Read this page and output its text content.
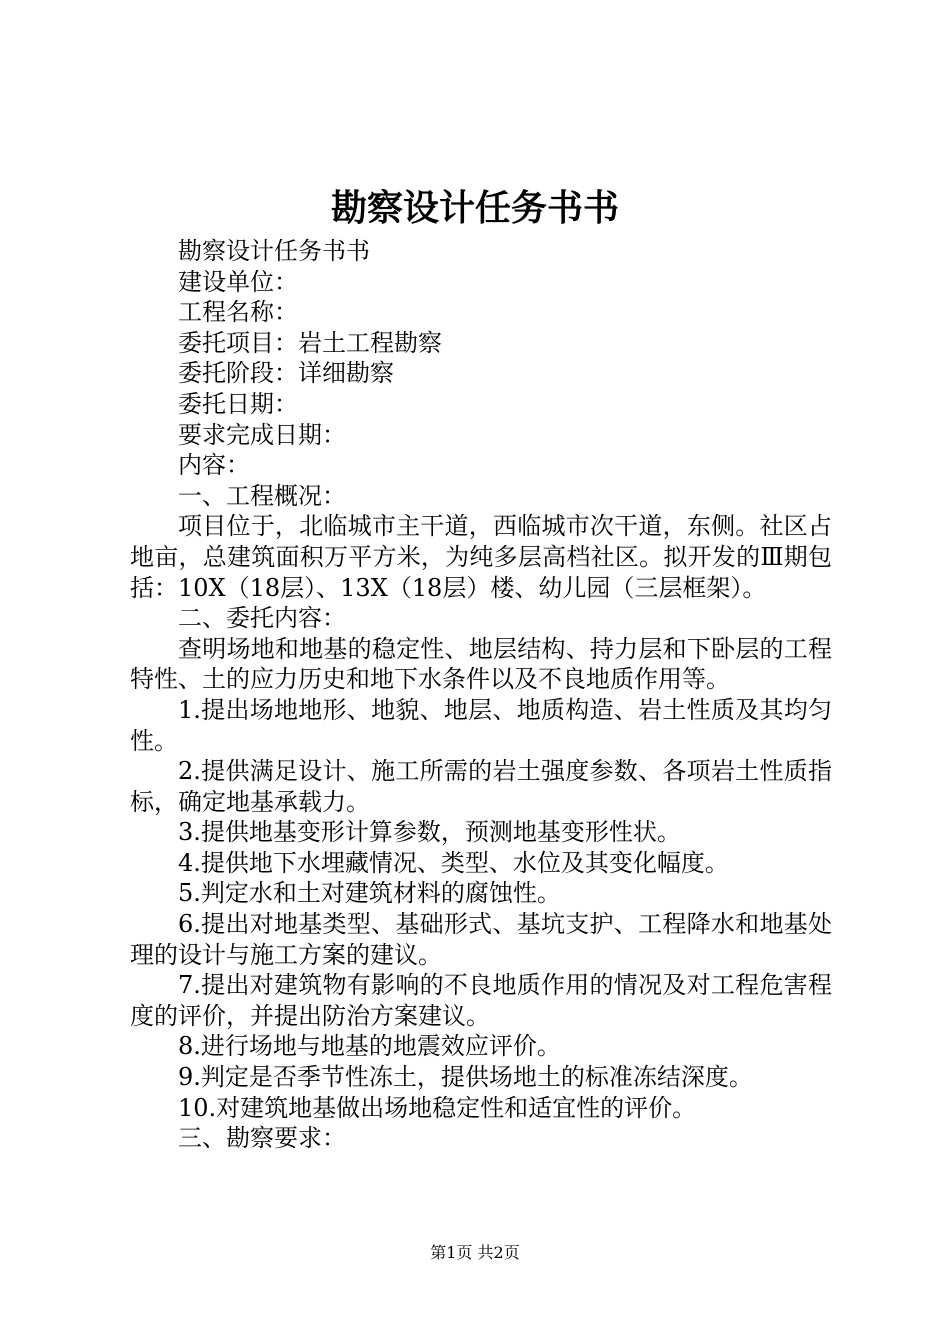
勘察设计任务书书

勘察设计任务书书

建设单位：

工程名称：

委托项目：岩土工程勘察

委托阶段：详细勘察

委托日期：

要求完成日期：

内容：

一、工程概况：

项目位于，北临城市主干道，西临城市次干道，东侧。社区占地亩，总建筑面积万平方米，为纯多层高档社区。拟开发的Ⅲ期包括：10X（18层）、13X（18层）楼、幼儿园（三层框架）。

二、委托内容：

查明场地和地基的稳定性、地层结构、持力层和下卧层的工程特性、土的应力历史和地下水条件以及不良地质作用等。

1.提出场地地形、地貌、地层、地质构造、岩土性质及其均匀性。

2.提供满足设计、施工所需的岩土强度参数、各项岩土性质指标，确定地基承载力。

3.提供地基变形计算参数，预测地基变形性状。

4.提供地下水埋藏情况、类型、水位及其变化幅度。

5.判定水和土对建筑材料的腐蚀性。

6.提出对地基类型、基础形式、基坑支护、工程降水和地基处理的设计与施工方案的建议。

7.提出对建筑物有影响的不良地质作用的情况及对工程危害程度的评价，并提出防治方案建议。

8.进行场地与地基的地震效应评价。

9.判定是否季节性冻土，提供场地土的标准冻结深度。

10.对建筑地基做出场地稳定性和适宜性的评价。

三、勘察要求：

第1页 共2页
